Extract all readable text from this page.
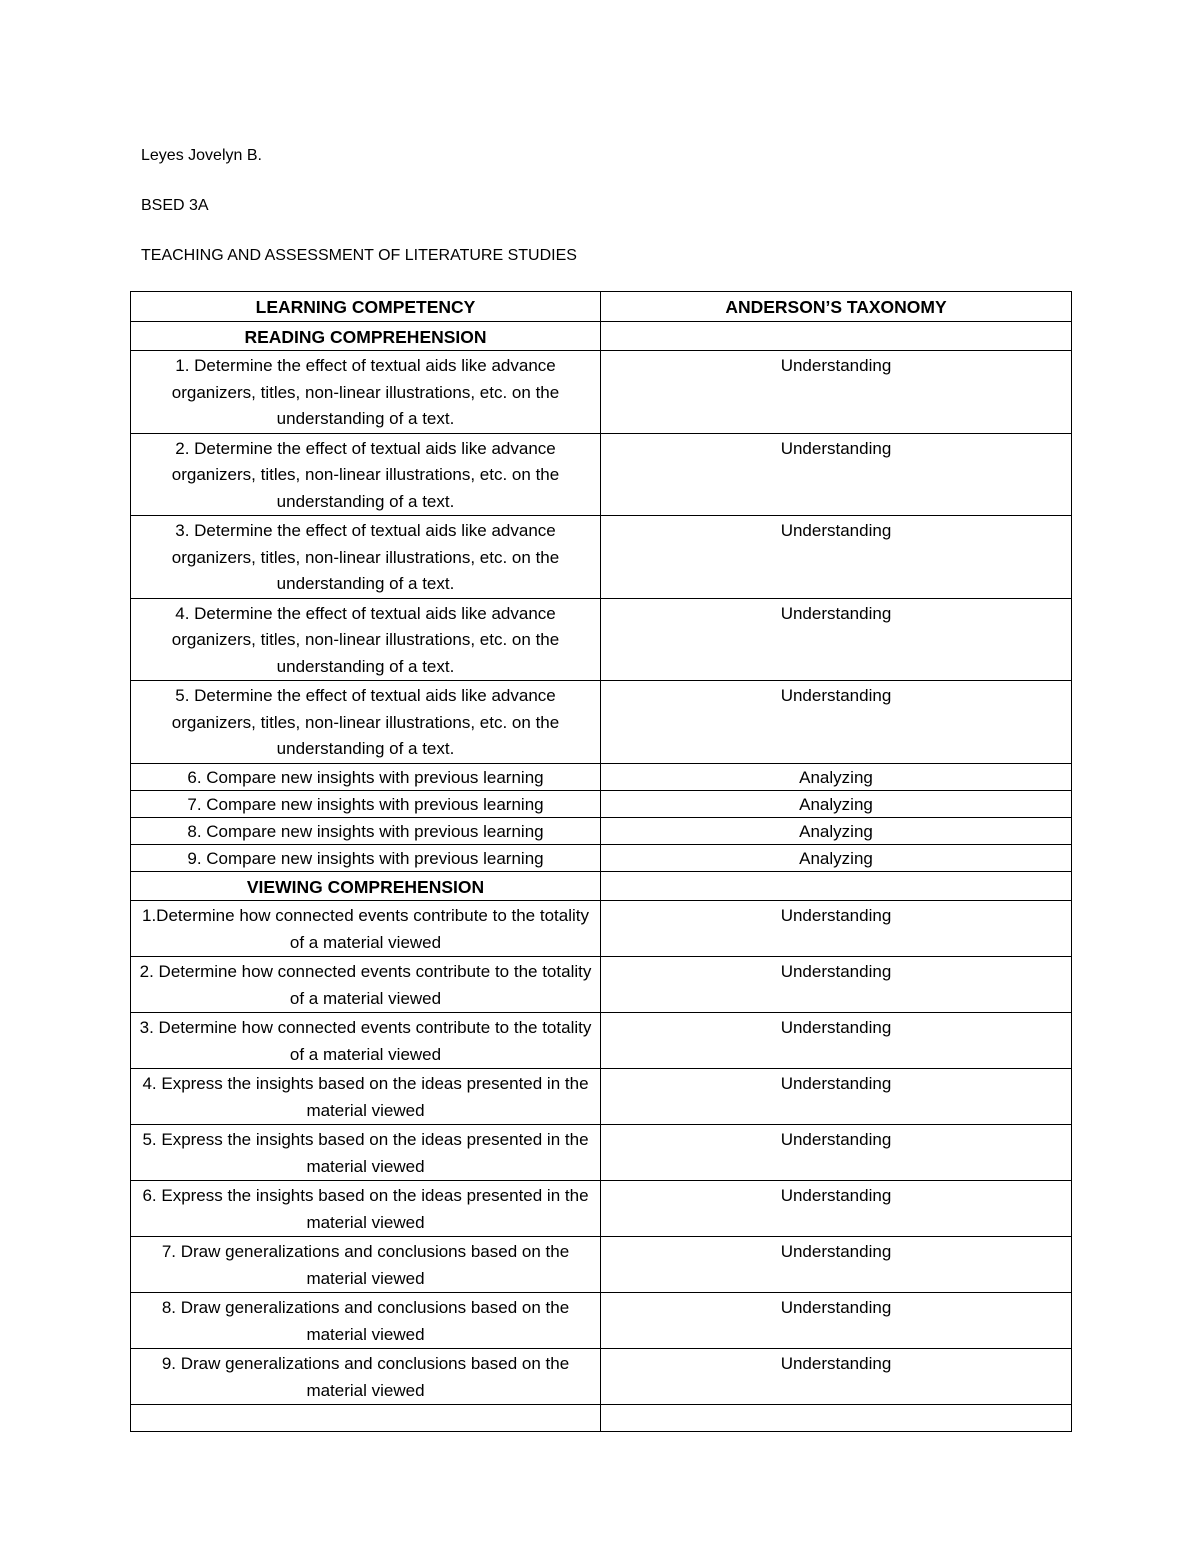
Leyes Jovelyn B.
BSED 3A
TEACHING AND ASSESSMENT OF LITERATURE STUDIES
LEARNING COMPETENCY	ANDERSON’S TAXONOMY
READING COMPREHENSION	
1. Determine the effect of textual aids like advance organizers, titles, non-linear illustrations, etc. on the understanding of a text.	Understanding
2. Determine the effect of textual aids like advance organizers, titles, non-linear illustrations, etc. on the understanding of a text.	Understanding
3. Determine the effect of textual aids like advance organizers, titles, non-linear illustrations, etc. on the understanding of a text.	Understanding
4. Determine the effect of textual aids like advance organizers, titles, non-linear illustrations, etc. on the understanding of a text.	Understanding
5. Determine the effect of textual aids like advance organizers, titles, non-linear illustrations, etc. on the understanding of a text.	Understanding
6. Compare new insights with previous learning	Analyzing
7. Compare new insights with previous learning	Analyzing
8. Compare new insights with previous learning	Analyzing
9. Compare new insights with previous learning	Analyzing
VIEWING COMPREHENSION	
1.Determine how connected events contribute to the totality of a material viewed	Understanding
2. Determine how connected events contribute to the totality of a material viewed	Understanding
3. Determine how connected events contribute to the totality of a material viewed	Understanding
4. Express the insights based on the ideas presented in the material viewed	Understanding
5. Express the insights based on the ideas presented in the material viewed	Understanding
6. Express the insights based on the ideas presented in the material viewed	Understanding
7. Draw generalizations and conclusions based on the material viewed	Understanding
8. Draw generalizations and conclusions based on the material viewed	Understanding
9. Draw generalizations and conclusions based on the material viewed	Understanding
